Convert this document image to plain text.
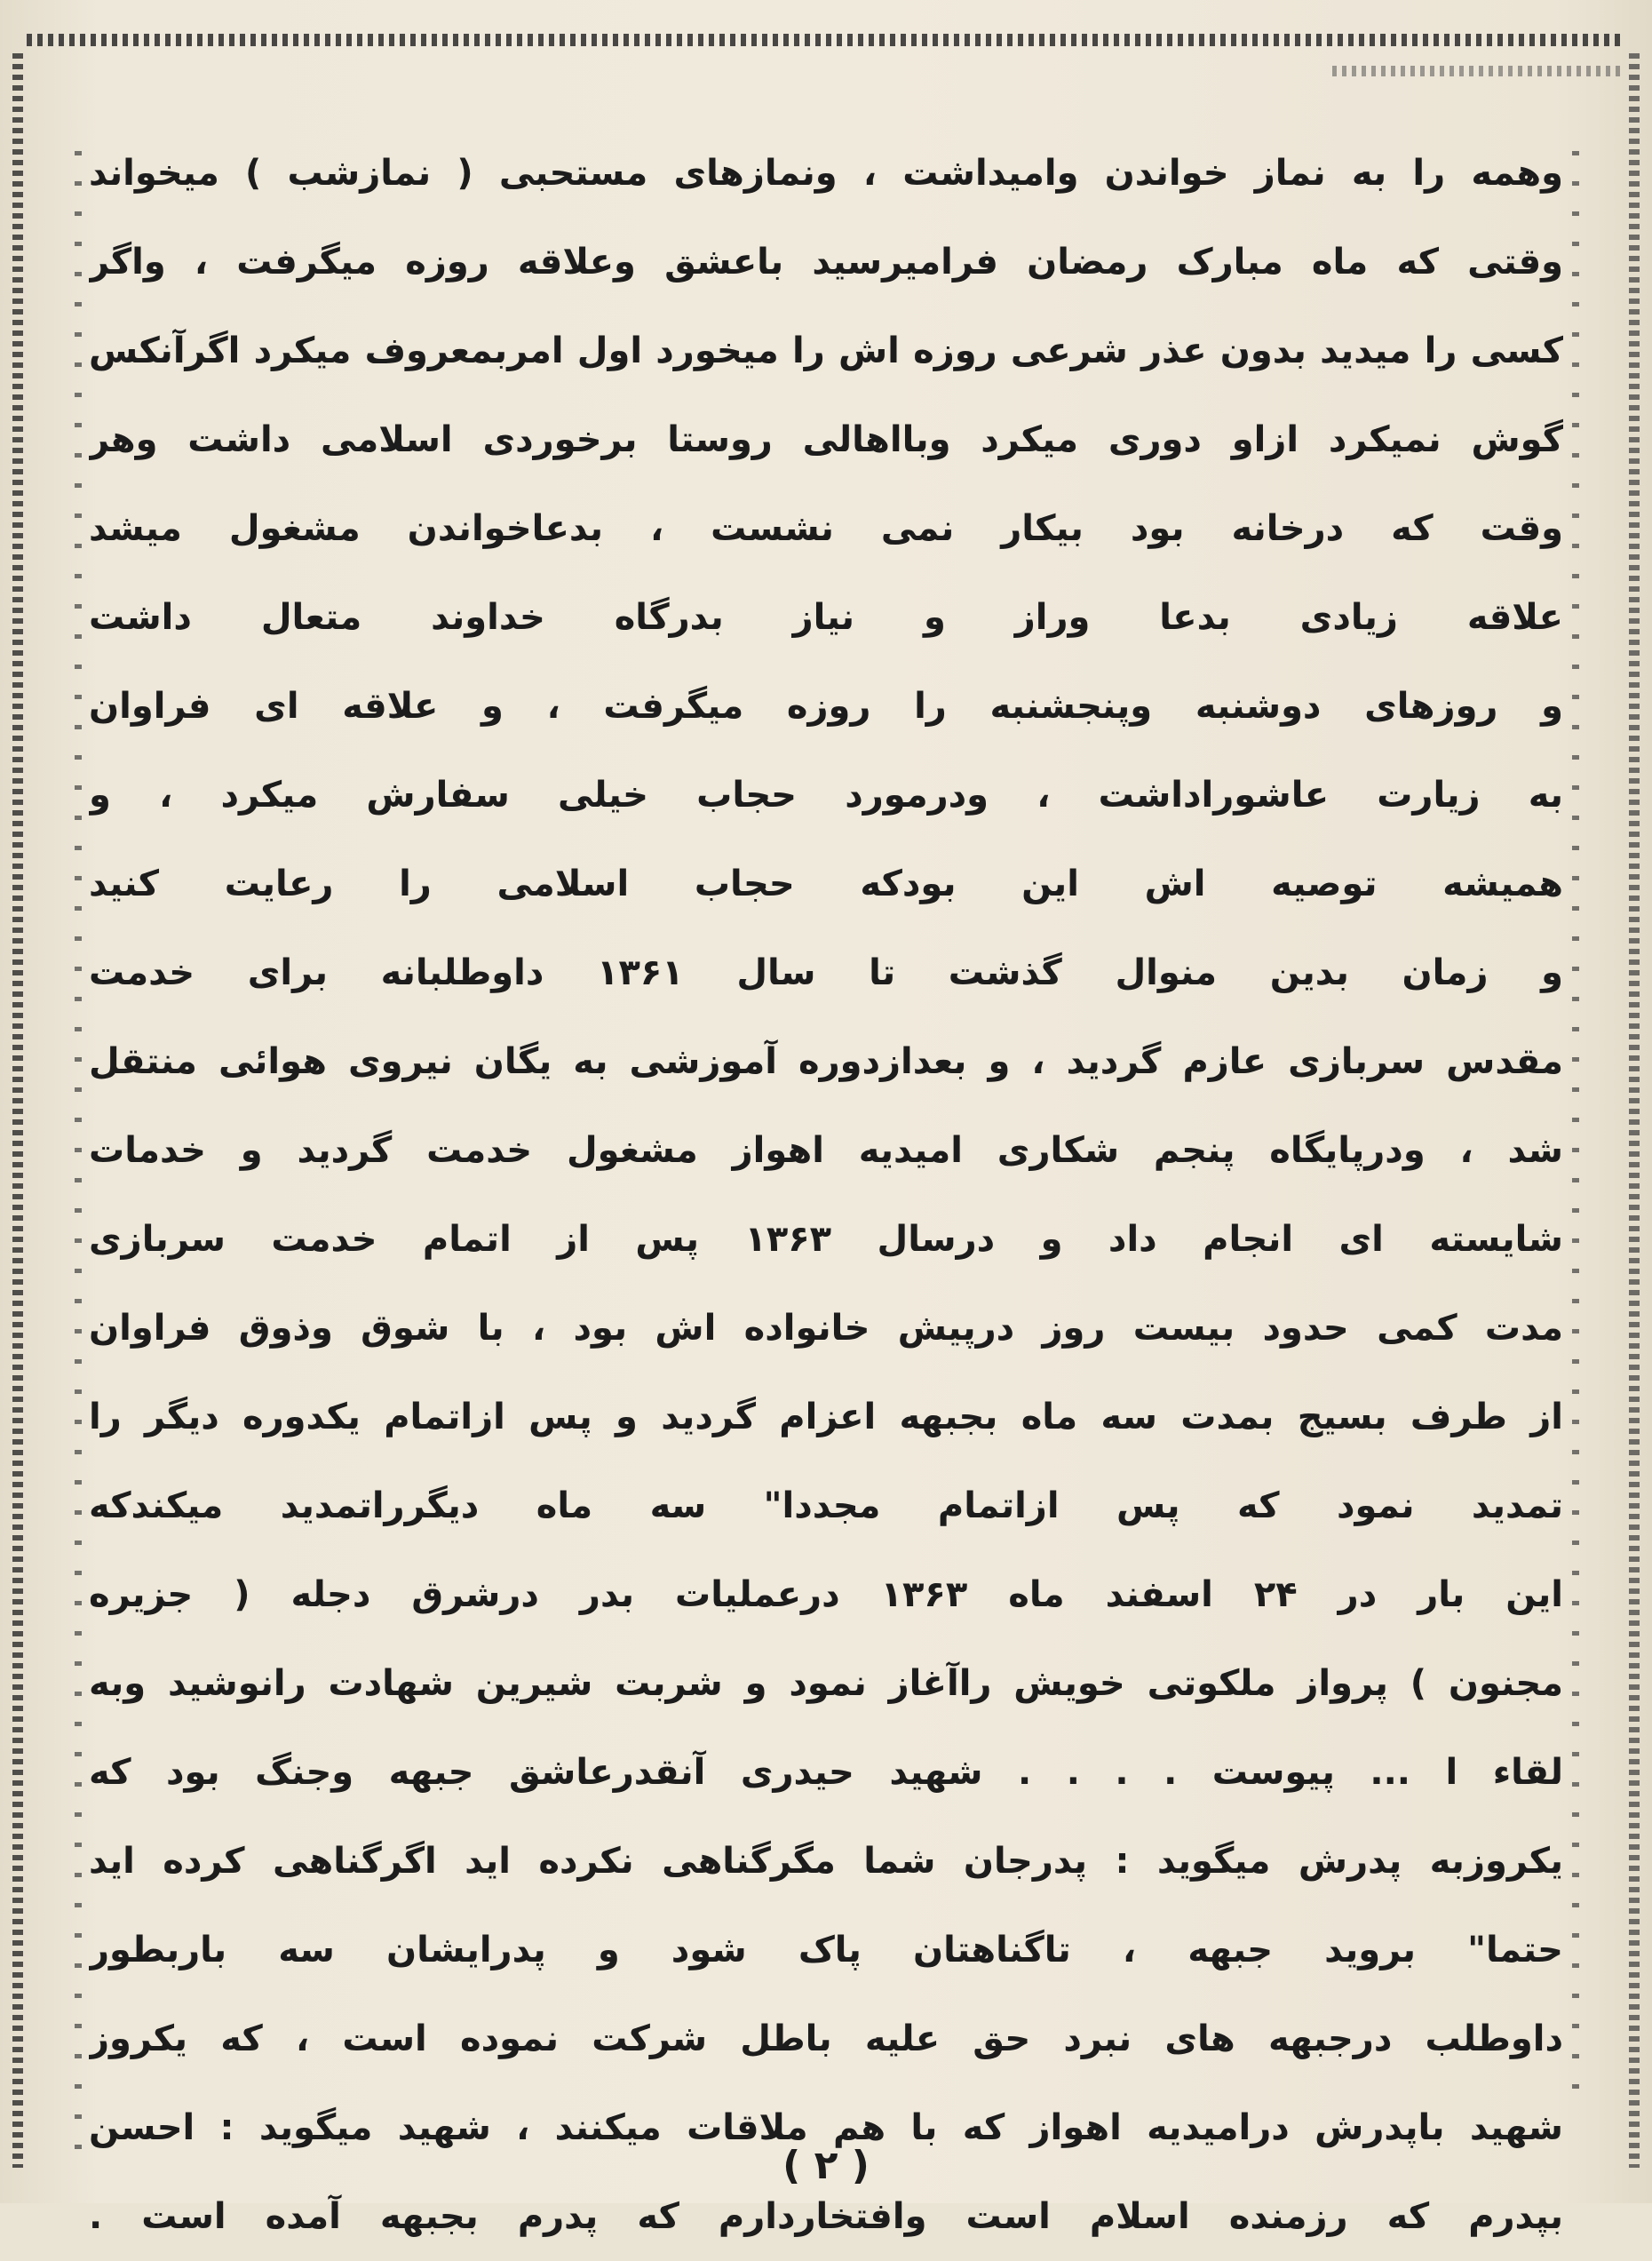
وهمه را به نماز خواندن وامیداشت ، ونمازهای مستحبی ( نمازشب ) میخواند
وقتی که ماه مبارک رمضان فرامیرسید باعشق وعلاقه روزه میگرفت ، واگر
کسی را میدید بدون عذر شرعی روزه اش را میخورد اول امربمعروف میکرد اگرآنکس
گوش نمیکرد ازاو دوری میکرد وبااهالی روستا برخوردی اسلامی داشت وهر
وقت که درخانه بود بیکار نمی نشست ، بدعاخواندن مشغول میشد
علاقه زیادی بدعا وراز و نیاز بدرگاه خداوند متعال داشت
و روزهای دوشنبه وپنجشنبه را روزه میگرفت ، و علاقه ای فراوان
به زیارت عاشوراداشت ، ودرمورد حجاب خیلی سفارش میکرد ، و
همیشه توصیه اش این بودکه حجاب اسلامی را رعایت کنید
و زمان بدین منوال گذشت تا سال ۱۳۶۱ داوطلبانه برای خدمت
مقدس سربازی عازم گردید ، و بعدازدوره آموزشی به یگان نیروی هوائی منتقل
شد ، ودرپایگاه پنجم شکاری امیدیه اهواز مشغول خدمت گردید و خدمات
شایسته ای انجام داد و درسال ۱۳۶۳ پس از اتمام خدمت سربازی
مدت کمی حدود بیست روز درپیش خانواده اش بود ، با شوق وذوق فراوان
از طرف بسیج بمدت سه ماه بجبهه اعزام گردید و پس ازاتمام یکدوره دیگر را
تمدید نمود که پس ازاتمام مجددا" سه ماه دیگرراتمدید میکندکه
این بار در ۲۴ اسفند ماه ۱۳۶۳ درعملیات بدر درشرق دجله ( جزیره
مجنون ) پرواز ملکوتی خویش راآغاز نمود و شربت شیرین شهادت رانوشید وبه
لقاء ا ... پیوست . . . . شهید حیدری آنقدرعاشق جبهه وجنگ بود که
یکروزبه پدرش میگوید : پدرجان شما مگرگناهی نکرده اید اگرگناهی کرده اید
حتما" بروید جبهه ، تاگناهتان پاک شود و پدرایشان سه باربطور
داوطلب درجبهه های نبرد حق علیه باطل شرکت نموده است ، که یکروز
شهید باپدرش درامیدیه اهواز که با هم ملاقات میکنند ، شهید میگوید : احسن
بپدرم که رزمنده اسلام است وافتخاردارم که پدرم بجبهه آمده است .
( ۲ )
